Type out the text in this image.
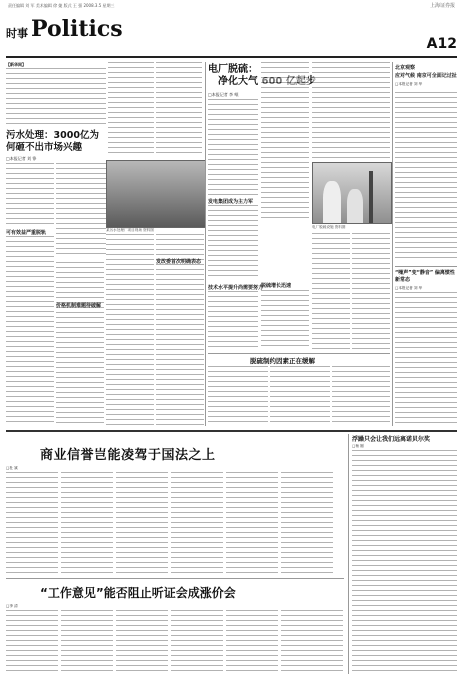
责任编辑 刘 军 美术编辑 徐 婕 版式 王 强 2008.3.5 星期三	上海证券报
时事 Politics
A12
【新华网】
污水处理：3000亿为何砸不出市场兴趣
□本报记者 刘 铮
可有效益严重脱轨	某污水处理厂项目现场 资料图
价格机制难题待破解
发改委首次明确表态
电厂脱硫：
净化大气 600 亿起步
□本报记者 李 岷
发电集团成为主力军
技术水平提升尚需要努力
脱硫增长迅速
电厂脱硫设施 资料图
脱硫制约因素正在缓解
北京观察
应对气候 南京可全面记过扯
□本报记者 刘 华
“噪声”变“静音” 偏离惯性新常态
□本报记者 刘 华
商业信誉岂能凌驾于国法之上
□杜 斌
浮躁只会让我们远离诺贝尔奖
□杨 刚
“工作意见”能否阻止听证会成涨价会
□李 清
